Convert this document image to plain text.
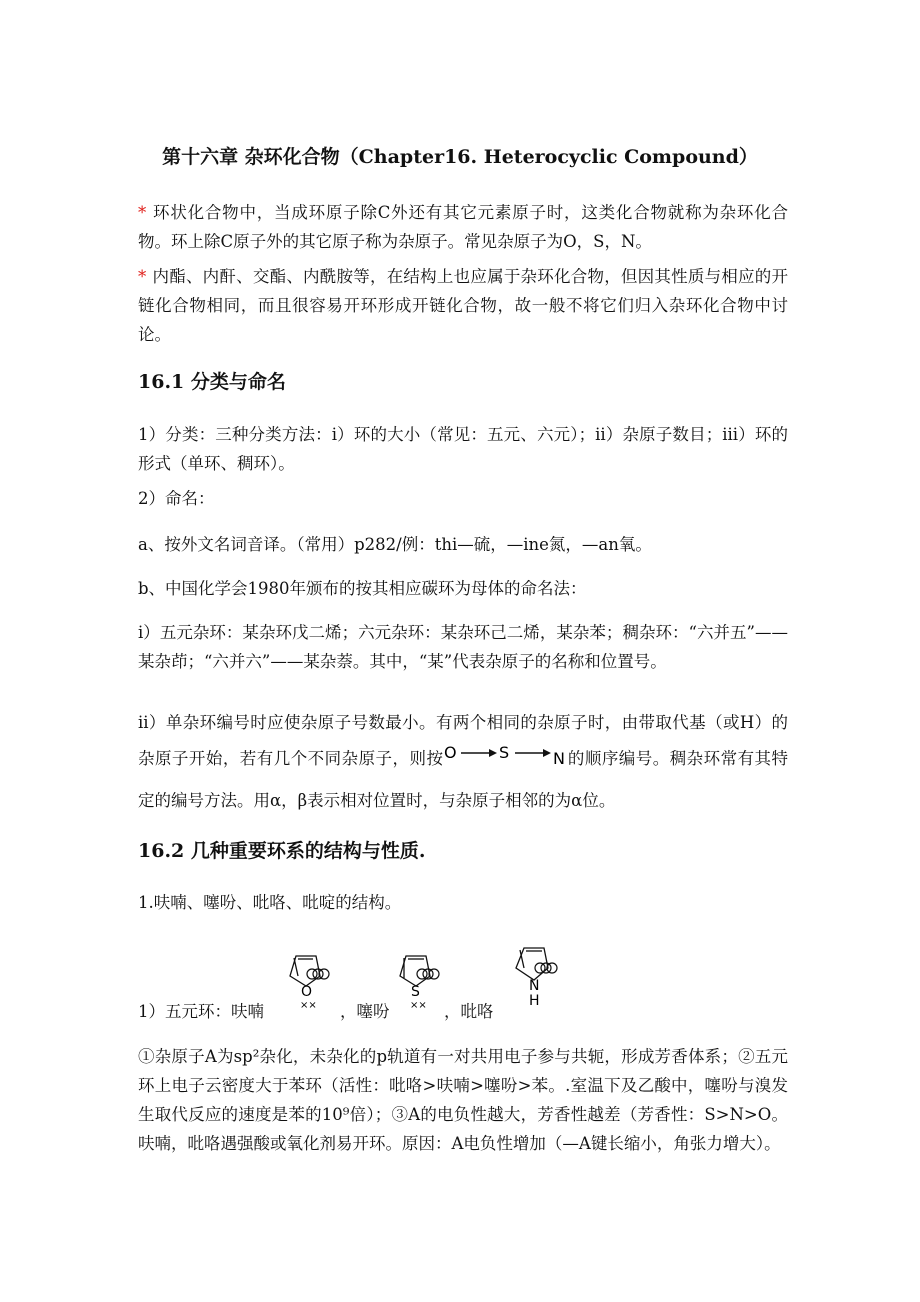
第十六章 杂环化合物（Chapter16. Heterocyclic Compound）
* 环状化合物中，当成环原子除C外还有其它元素原子时，这类化合物就称为杂环化合物。环上除C原子外的其它原子称为杂原子。常见杂原子为O，S，N。
* 内酯、内酐、交酯、内酰胺等，在结构上也应属于杂环化合物，但因其性质与相应的开链化合物相同，而且很容易开环形成开链化合物，故一般不将它们归入杂环化合物中讨论。
16.1 分类与命名
1）分类：三种分类方法：i）环的大小（常见：五元、六元）；ii）杂原子数目；iii）环的形式（单环、稠环）。
2）命名：
a、按外文名词音译。（常用）p282/例：thi—硫，—ine氮，—an氧。
b、中国化学会1980年颁布的按其相应碳环为母体的命名法：
i）五元杂环：某杂环戊二烯；六元杂环：某杂环己二烯，某杂苯；稠杂环：“六并五”——某杂茚；“六并六”——某杂萘。其中，“某”代表杂原子的名称和位置号。
ii）单杂环编号时应使杂原子号数最小。有两个相同的杂原子时，由带取代基（或H）的杂原子开始，若有几个不同杂原子，则按 O	S	N 的顺序编号。稠杂环常有其特定的编号方法。用α，β表示相对位置时，与杂原子相邻的为α位。
16.2 几种重要环系的结构与性质.
1.呋喃、噻吩、吡咯、吡啶的结构。
1）五元环：呋喃
O
×× ，噻吩
S
×× ，吡咯
N
H
①杂原子A为sp²杂化，未杂化的p轨道有一对共用电子参与共轭，形成芳香体系；②五元环上电子云密度大于苯环（活性：吡咯>呋喃>噻吩>苯。.室温下及乙酸中，噻吩与溴发生取代反应的速度是苯的10⁹倍）；③A的电负性越大，芳香性越差（芳香性：S>N>O。呋喃，吡咯遇强酸或氧化剂易开环。原因：A电负性增加（—A键长缩小，角张力增大）。
